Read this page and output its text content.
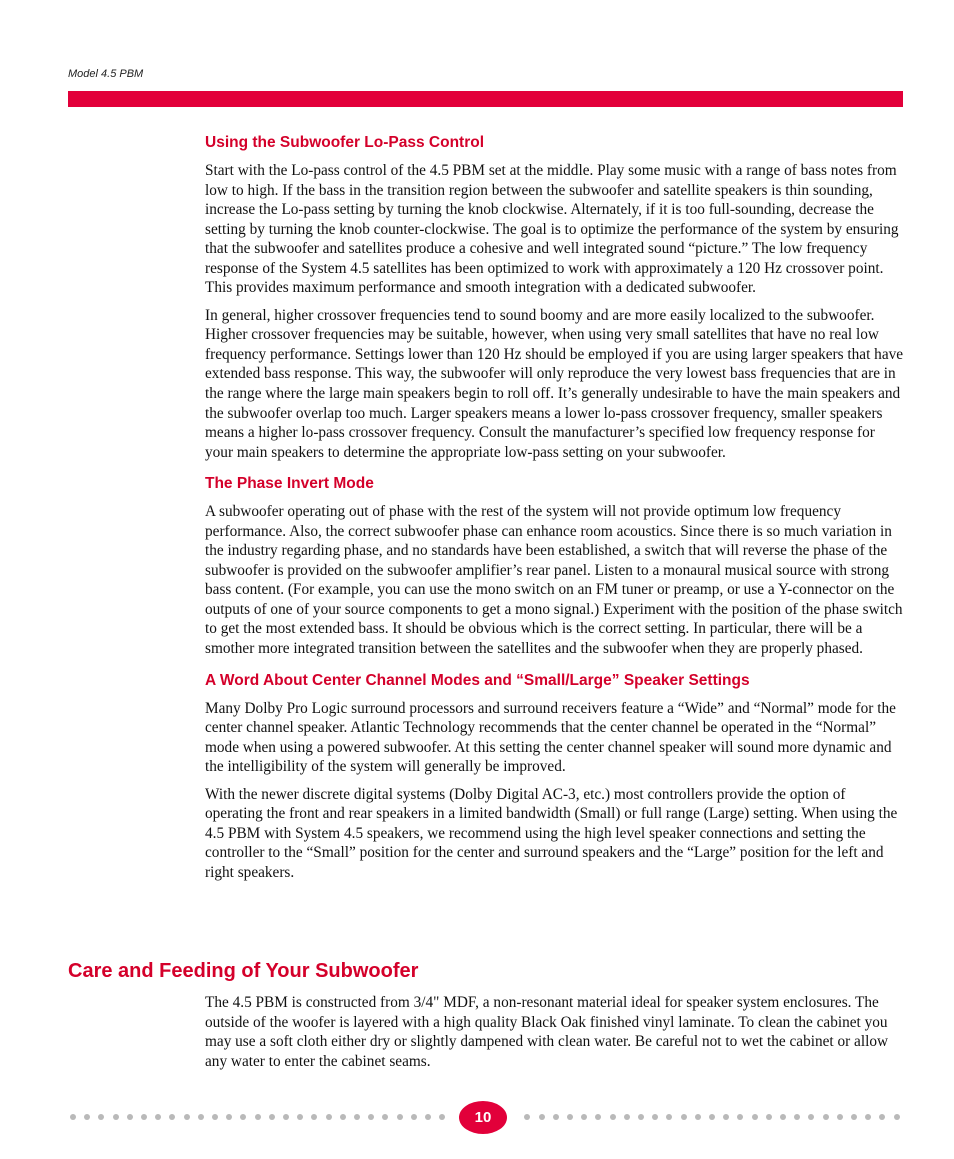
Model 4.5 PBM
Using the Subwoofer Lo-Pass Control

Start with the Lo-pass control of the 4.5 PBM set at the middle. Play some music with a range of bass notes from low to high. If the bass in the transition region between the subwoofer and satellite speakers is thin sounding, increase the Lo-pass setting by turning the knob clockwise. Alternately, if it is too full-sounding, decrease the setting by turning the knob counter-clockwise. The goal is to optimize the performance of the system by ensuring that the subwoofer and satellites produce a cohesive and well integrated sound “picture.” The low frequency response of the System 4.5 satellites has been optimized to work with approximately a 120 Hz crossover point. This provides maximum performance and smooth integration with a dedicated subwoofer.

In general, higher crossover frequencies tend to sound boomy and are more easily localized to the subwoofer. Higher crossover frequencies may be suitable, however, when using very small satellites that have no real low frequency performance. Settings lower than 120 Hz should be employed if you are using larger speakers that have extended bass response. This way, the subwoofer will only reproduce the very lowest bass frequencies that are in the range where the large main speakers begin to roll off. It’s generally undesirable to have the main speakers and the subwoofer overlap too much. Larger speakers means a lower lo-pass crossover frequency, smaller speakers means a higher lo-pass crossover frequency. Consult the manufacturer’s specified low frequency response for your main speakers to determine the appropriate low-pass setting on your subwoofer.

The Phase Invert Mode

A subwoofer operating out of phase with the rest of the system will not provide optimum low frequency performance. Also, the correct subwoofer phase can enhance room acoustics. Since there is so much variation in the industry regarding phase, and no standards have been established, a switch that will reverse the phase of the subwoofer is provided on the subwoofer amplifier’s rear panel. Listen to a monaural musical source with strong bass content. (For example, you can use the mono switch on an FM tuner or preamp, or use a Y-connector on the outputs of one of your source components to get a mono signal.) Experiment with the position of the phase switch to get the most extended bass. It should be obvious which is the correct setting. In particular, there will be a smother more integrated transition between the satellites and the subwoofer when they are properly phased.

A Word About Center Channel Modes and “Small/Large” Speaker Settings

Many Dolby Pro Logic surround processors and surround receivers feature a “Wide” and “Normal” mode for the center channel speaker. Atlantic Technology recommends that the center channel be operated in the “Normal” mode when using a powered subwoofer. At this setting the center channel speaker will sound more dynamic and the intelligibility of the system will generally be improved.

With the newer discrete digital systems (Dolby Digital AC-3, etc.) most controllers provide the option of operating the front and rear speakers in a limited bandwidth (Small) or full range (Large) setting. When using the 4.5 PBM with System 4.5 speakers, we recommend using the high level speaker connections and setting the controller to the “Small” position for the center and surround speakers and the “Large” position for the left and right speakers.

Care and Feeding of Your Subwoofer

The 4.5 PBM is constructed from 3/4" MDF, a non-resonant material ideal for speaker system enclosures. The outside of the woofer is layered with a high quality Black Oak finished vinyl laminate. To clean the cabinet you may use a soft cloth either dry or slightly dampened with clean water. Be careful not to wet the cabinet or allow any water to enter the cabinet seams.

10
